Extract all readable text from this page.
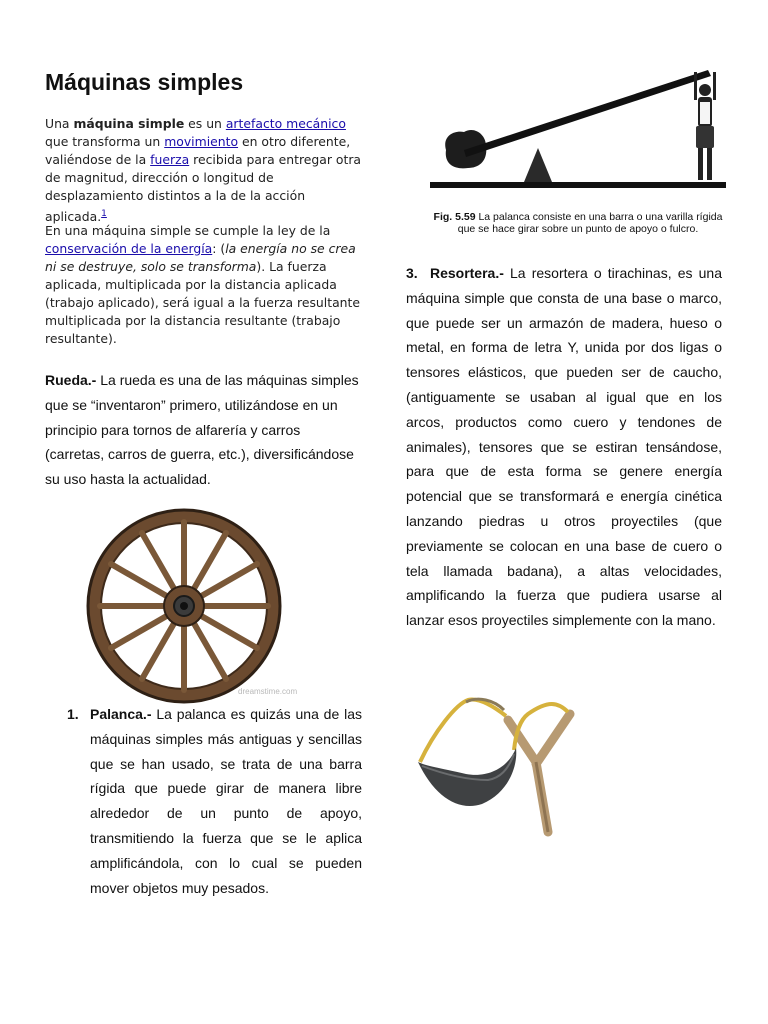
Máquinas simples
Una máquina simple es un artefacto mecánico que transforma un movimiento en otro diferente, valiéndose de la fuerza recibida para entregar otra de magnitud, dirección o longitud de desplazamiento distintos a la de la acción aplicada.$^1$
En una máquina simple se cumple la ley de la conservación de la energía: (la energía no se crea ni se destruye, solo se transforma). La fuerza aplicada, multiplicada por la distancia aplicada (trabajo aplicado), será igual a la fuerza resultante multiplicada por la distancia resultante (trabajo resultante).
Rueda.- La rueda es una de las máquinas simples que se “inventaron” primero, utilizándose en un principio para tornos de alfarería y carros (carretas, carros de guerra, etc.), diversificándose su uso hasta la actualidad.
dreamstime.com
1. Palanca.- La palanca es quizás una de las máquinas simples más antiguas y sencillas que se han usado, se trata de una barra rígida que puede girar de manera libre alrededor de un punto de apoyo, transmitiendo la fuerza que se le aplica amplificándola, con lo cual se pueden mover objetos muy pesados.
Fig. 5.59 La palanca consiste en una barra o una varilla rígida que se hace girar sobre un punto de apoyo o fulcro.
3. Resortera.- La resortera o tirachinas, es una máquina simple que consta de una base o marco, que puede ser un armazón de madera, hueso o metal, en forma de letra Y, unida por dos ligas o tensores elásticos, que pueden ser de caucho, (antiguamente se usaban al igual que en los arcos, productos como cuero y tendones de animales), tensores que se estiran tensándose, para que de esta forma se genere energía potencial que se transformará e energía cinética lanzando piedras u otros proyectiles (que previamente se colocan en una base de cuero o tela llamada badana), a altas velocidades, amplificando la fuerza que pudiera usarse al lanzar esos proyectiles simplemente con la mano.
